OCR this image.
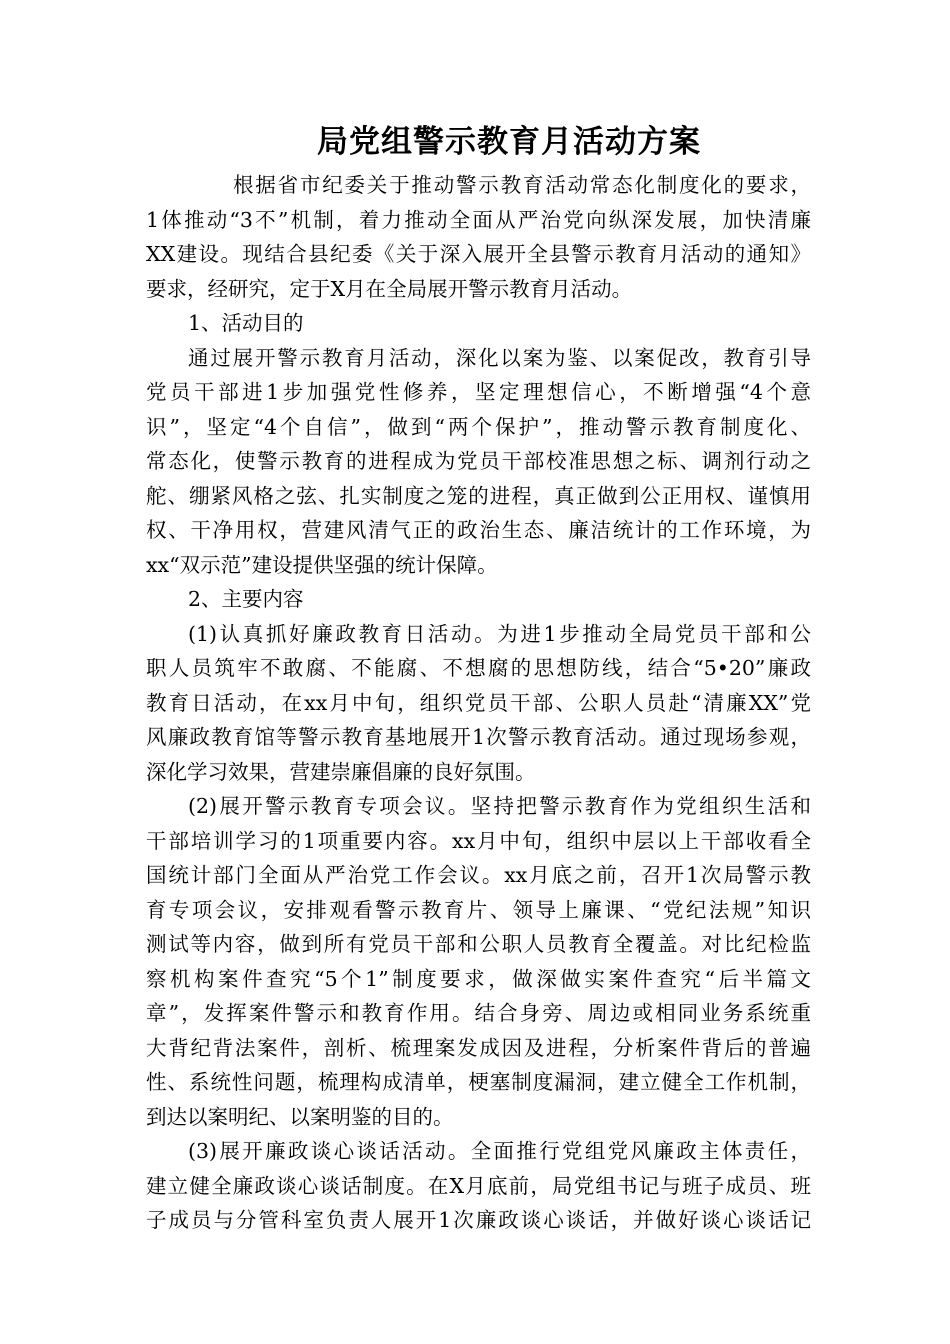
局党组警示教育月活动方案
根据省市纪委关于推动警示教育活动常态化制度化的要求，
1体推动“3不”机制，着力推动全面从严治党向纵深发展，加快清廉
XX建设。现结合县纪委《关于深入展开全县警示教育月活动的通知》
要求，经研究，定于X月在全局展开警示教育月活动。
1、活动目的
通过展开警示教育月活动，深化以案为鉴、以案促改，教育引导
党员干部进1步加强党性修养，坚定理想信心，不断增强“4个意
识”，坚定“4个自信”，做到“两个保护”，推动警示教育制度化、
常态化，使警示教育的进程成为党员干部校准思想之标、调剂行动之
舵、绷紧风格之弦、扎实制度之笼的进程，真正做到公正用权、谨慎用
权、干净用权，营建风清气正的政治生态、廉洁统计的工作环境，为
xx“双示范”建设提供坚强的统计保障。
2、主要内容
(1)认真抓好廉政教育日活动。为进1步推动全局党员干部和公
职人员筑牢不敢腐、不能腐、不想腐的思想防线，结合“5•20”廉政
教育日活动，在xx月中旬，组织党员干部、公职人员赴“清廉XX”党
风廉政教育馆等警示教育基地展开1次警示教育活动。通过现场参观，
深化学习效果，营建崇廉倡廉的良好氛围。
(2)展开警示教育专项会议。坚持把警示教育作为党组织生活和
干部培训学习的1项重要内容。xx月中旬，组织中层以上干部收看全
国统计部门全面从严治党工作会议。xx月底之前，召开1次局警示教
育专项会议，安排观看警示教育片、领导上廉课、“党纪法规”知识
测试等内容，做到所有党员干部和公职人员教育全覆盖。对比纪检监
察机构案件查究“5个1”制度要求，做深做实案件查究“后半篇文
章”，发挥案件警示和教育作用。结合身旁、周边或相同业务系统重
大背纪背法案件，剖析、梳理案发成因及进程，分析案件背后的普遍
性、系统性问题，梳理构成清单，梗塞制度漏洞，建立健全工作机制，
到达以案明纪、以案明鉴的目的。
(3)展开廉政谈心谈话活动。全面推行党组党风廉政主体责任，
建立健全廉政谈心谈话制度。在X月底前，局党组书记与班子成员、班
子成员与分管科室负责人展开1次廉政谈心谈话，并做好谈心谈话记
